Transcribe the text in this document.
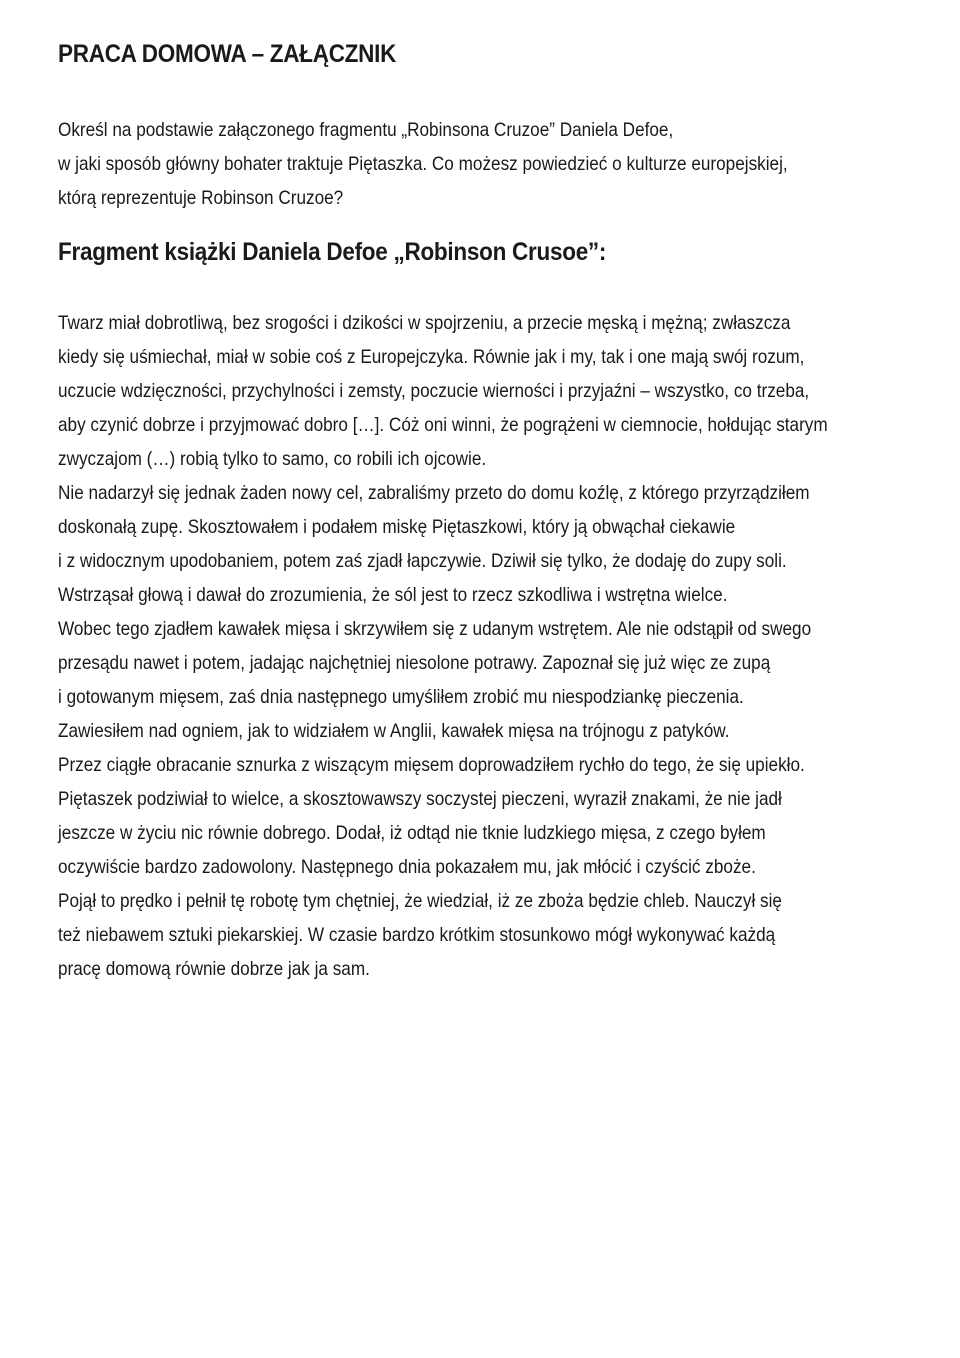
PRACA DOMOWA – ZAŁĄCZNIK
Określ na podstawie załączonego fragmentu „Robinsona Cruzoe” Daniela Defoe,
w jaki sposób główny bohater traktuje Piętaszka. Co możesz powiedzieć o kulturze europejskiej,
którą reprezentuje Robinson Cruzoe?
Fragment książki Daniela Defoe „Robinson Crusoe”:
Twarz miał dobrotliwą, bez srogości i dzikości w spojrzeniu, a przecie męską i mężną; zwłaszcza
kiedy się uśmiechał, miał w sobie coś z Europejczyka. Równie jak i my, tak i one mają swój rozum,
uczucie wdzięczności, przychylności i zemsty, poczucie wierności i przyjaźni – wszystko, co trzeba,
aby czynić dobrze i przyjmować dobro […]. Cóż oni winni, że pogrążeni w ciemnocie, hołdując starym
zwyczajom (…) robią tylko to samo, co robili ich ojcowie.
Nie nadarzył się jednak żaden nowy cel, zabraliśmy przeto do domu koźlę, z którego przyrządziłem
doskonałą zupę. Skosztowałem i podałem miskę Piętaszkowi, który ją obwąchał ciekawie
i z widocznym upodobaniem, potem zaś zjadł łapczywie. Dziwił się tylko, że dodaję do zupy soli.
Wstrząsał głową i dawał do zrozumienia, że sól jest to rzecz szkodliwa i wstrętna wielce.
Wobec tego zjadłem kawałek mięsa i skrzywiłem się z udanym wstrętem. Ale nie odstąpił od swego
przesądu nawet i potem, jadając najchętniej niesolone potrawy. Zapoznał się już więc ze zupą
i gotowanym mięsem, zaś dnia następnego umyśliłem zrobić mu niespodziankę pieczenia.
Zawiesiłem nad ogniem, jak to widziałem w Anglii, kawałek mięsa na trójnogu z patyków.
Przez ciągłe obracanie sznurka z wiszącym mięsem doprowadziłem rychło do tego, że się upiekło.
Piętaszek podziwiał to wielce, a skosztowawszy soczystej pieczeni, wyraził znakami, że nie jadł
jeszcze w życiu nic równie dobrego. Dodał, iż odtąd nie tknie ludzkiego mięsa, z czego byłem
oczywiście bardzo zadowolony. Następnego dnia pokazałem mu, jak młócić i czyścić zboże.
Pojął to prędko i pełnił tę robotę tym chętniej, że wiedział, iż ze zboża będzie chleb. Nauczył się
też niebawem sztuki piekarskiej. W czasie bardzo krótkim stosunkowo mógł wykonywać każdą
pracę domową równie dobrze jak ja sam.
